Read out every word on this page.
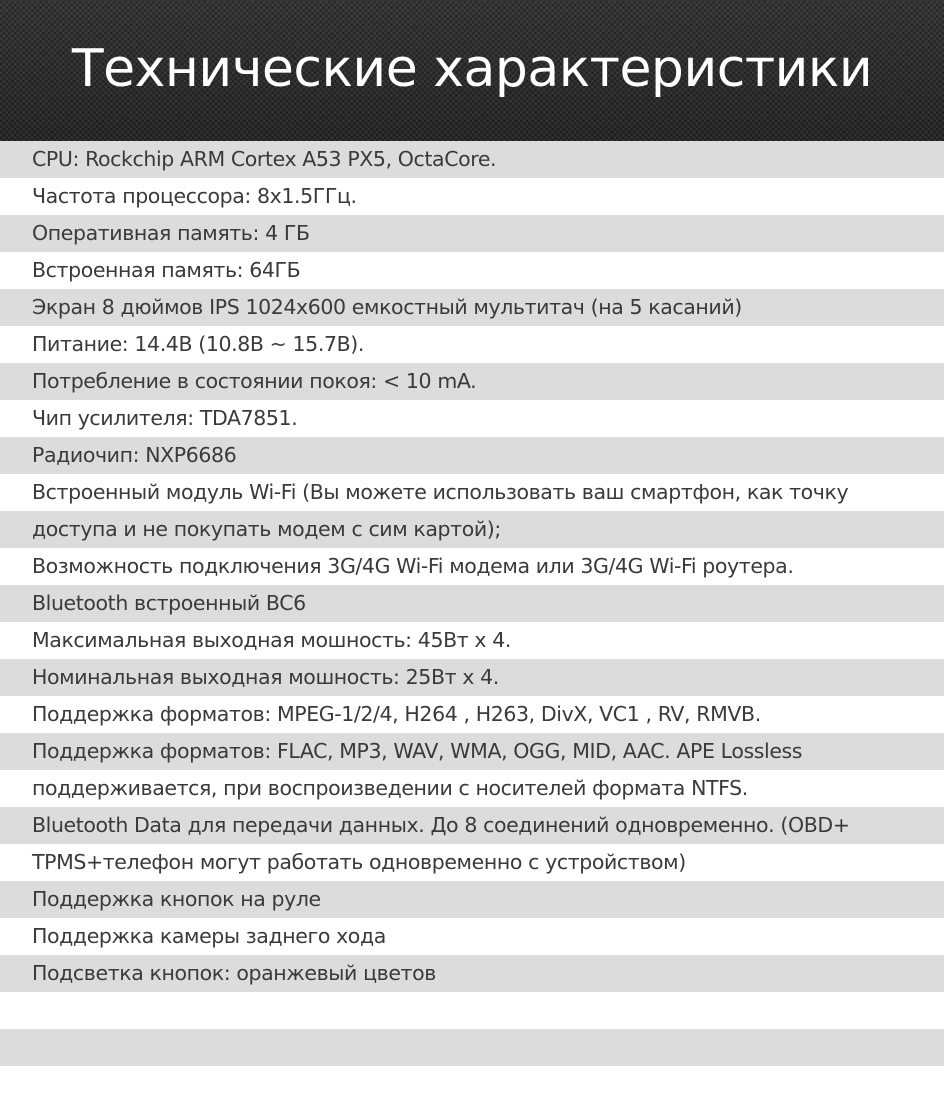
Технические характеристики
CPU: Rockchip ARM Cortex A53 PX5, OctaCore.
Частота процессора: 8x1.5ГГц.
Оперативная память: 4 ГБ
Встроенная память: 64ГБ
Экран 8 дюймов IPS 1024x600 емкостный мультитач (на 5 касаний)
Питание: 14.4В (10.8В ~ 15.7В).
Потребление в состоянии покоя: < 10 mA.
Чип усилителя: TDA7851.
Радиочип: NXP6686
Встроенный модуль Wi-Fi (Вы можете использовать ваш смартфон, как точку
доступа и не покупать модем с сим картой);
Возможность подключения 3G/4G Wi-Fi модема или 3G/4G Wi-Fi роутера.
Bluetooth встроенный BC6
Максимальная выходная мошность: 45Вт x 4.
Номинальная выходная мошность: 25Вт x 4.
Поддержка форматов: MPEG-1/2/4, H264 , H263, DivX, VC1 , RV, RMVB.
Поддержка форматов: FLAC, MP3, WAV, WMA, OGG, MID, AAC. APE Lossless
поддерживается, при воспроизведении с носителей формата NTFS.
Bluetooth Data для передачи данных. До 8 соединений одновременно. (OBD+
TPMS+телефон могут работать одновременно с устройством)
Поддержка кнопок на руле
Поддержка камеры заднего хода
Подсветка кнопок: оранжевый цветов
